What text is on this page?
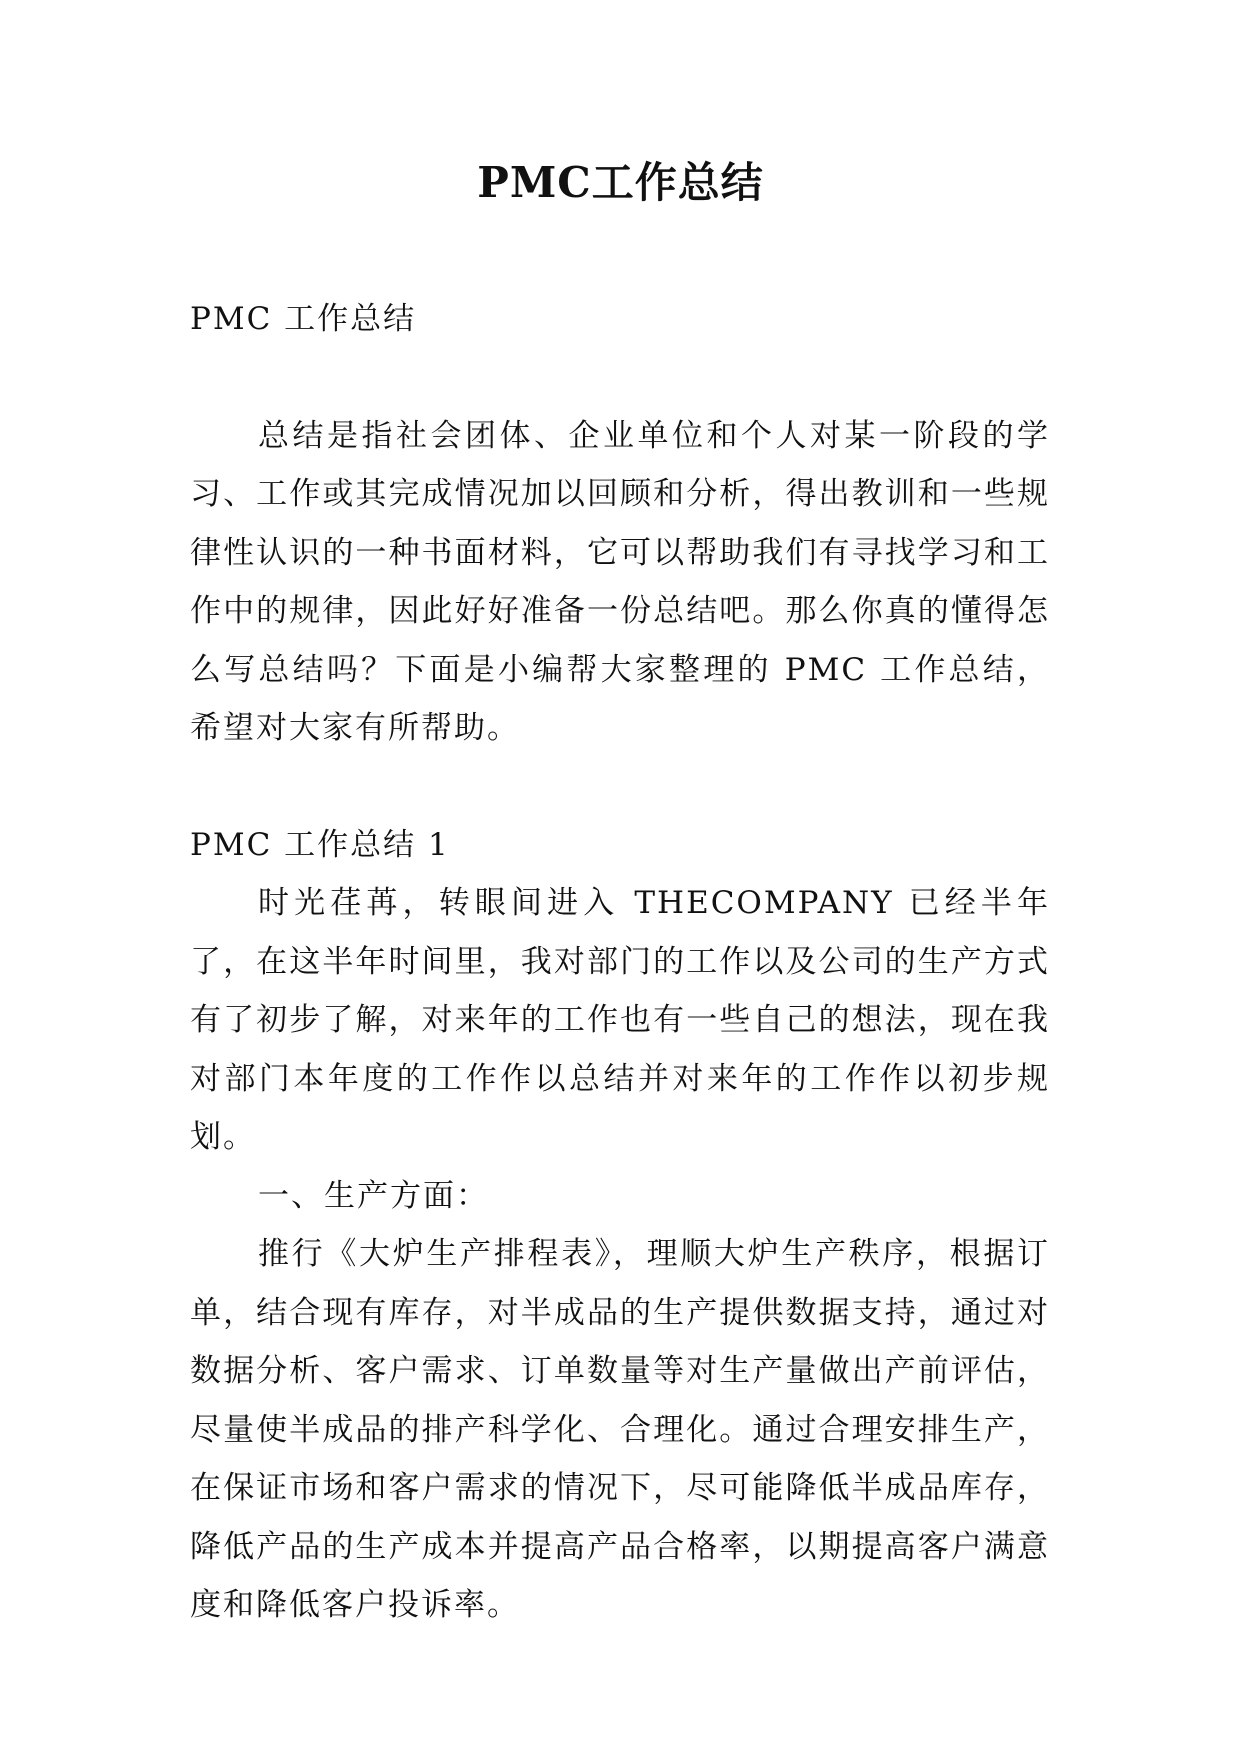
PMC工作总结

PMC 工作总结

总结是指社会团体、企业单位和个人对某一阶段的学习、工作或其完成情况加以回顾和分析，得出教训和一些规律性认识的一种书面材料，它可以帮助我们有寻找学习和工作中的规律，因此好好准备一份总结吧。那么你真的懂得怎么写总结吗？下面是小编帮大家整理的 PMC 工作总结，希望对大家有所帮助。

PMC 工作总结 1

时光荏苒，转眼间进入 THECOMPANY 已经半年了，在这半年时间里，我对部门的工作以及公司的生产方式有了初步了解，对来年的工作也有一些自己的想法，现在我对部门本年度的工作作以总结并对来年的工作作以初步规划。

一、生产方面：

推行《大炉生产排程表》，理顺大炉生产秩序，根据订单，结合现有库存，对半成品的生产提供数据支持，通过对数据分析、客户需求、订单数量等对生产量做出产前评估，尽量使半成品的排产科学化、合理化。通过合理安排生产，在保证市场和客户需求的情况下，尽可能降低半成品库存，降低产品的生产成本并提高产品合格率，以期提高客户满意度和降低客户投诉率。
